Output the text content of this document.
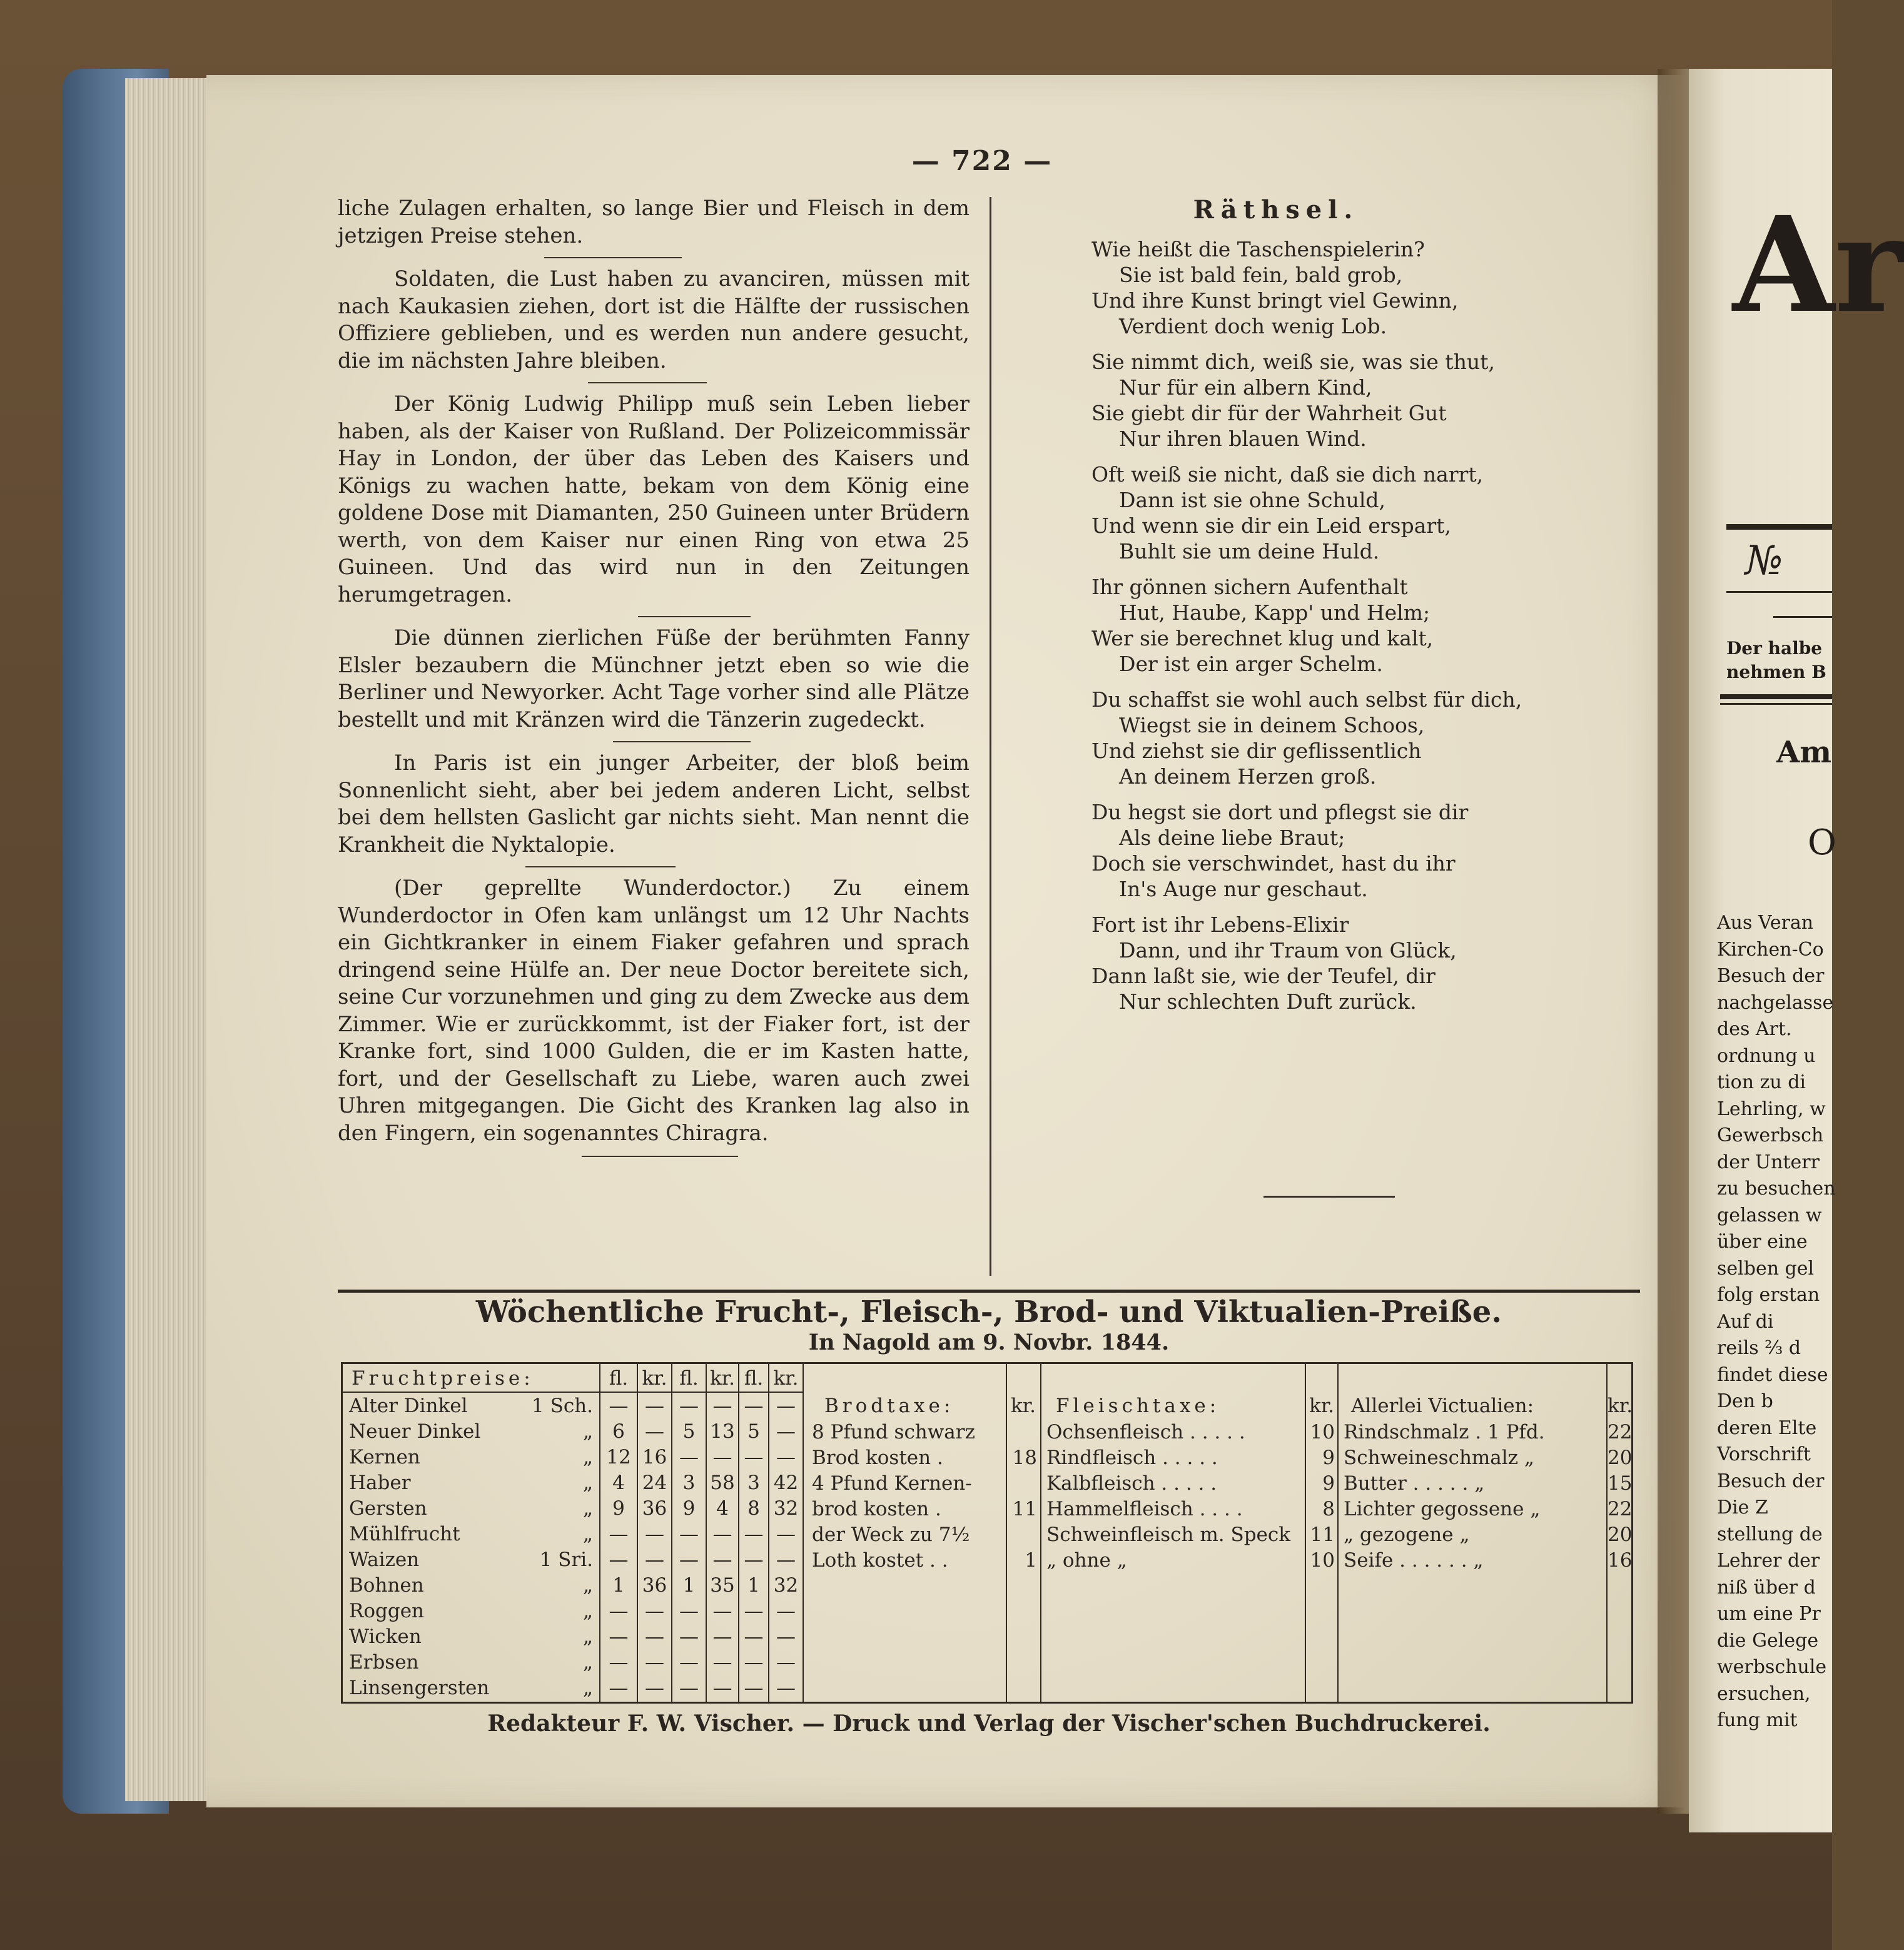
— 722 —
liche Zulagen erhalten, so lange Bier und Fleisch in dem jetzigen Preise stehen.
Soldaten, die Lust haben zu avanciren, müssen mit nach Kaukasien ziehen, dort ist die Hälfte der russischen Offiziere geblieben, und es werden nun andere gesucht, die im nächsten Jahre bleiben.
Der König Ludwig Philipp muß sein Leben lieber haben, als der Kaiser von Rußland. Der Polizeicommissär Hay in London, der über das Leben des Kaisers und Königs zu wachen hatte, bekam von dem König eine goldene Dose mit Diamanten, 250 Guineen unter Brüdern werth, von dem Kaiser nur einen Ring von etwa 25 Guineen. Und das wird nun in den Zeitungen herumgetragen.
Die dünnen zierlichen Füße der berühmten Fanny Elsler bezaubern die Münchner jetzt eben so wie die Berliner und Newyorker. Acht Tage vorher sind alle Plätze bestellt und mit Kränzen wird die Tänzerin zugedeckt.
In Paris ist ein junger Arbeiter, der bloß beim Sonnenlicht sieht, aber bei jedem anderen Licht, selbst bei dem hellsten Gaslicht gar nichts sieht. Man nennt die Krankheit die Nyktalopie.
(Der geprellte Wunderdoctor.) Zu einem Wunderdoctor in Ofen kam unlängst um 12 Uhr Nachts ein Gichtkranker in einem Fiaker gefahren und sprach dringend seine Hülfe an. Der neue Doctor bereitete sich, seine Cur vorzunehmen und ging zu dem Zwecke aus dem Zimmer. Wie er zurückkommt, ist der Fiaker fort, ist der Kranke fort, sind 1000 Gulden, die er im Kasten hatte, fort, und der Gesellschaft zu Liebe, waren auch zwei Uhren mitgegangen. Die Gicht des Kranken lag also in den Fingern, ein sogenanntes Chiragra.
Räthsel.
Wie heißt die Taschenspielerin?
Sie ist bald fein, bald grob,
Und ihre Kunst bringt viel Gewinn,
Verdient doch wenig Lob.
Sie nimmt dich, weiß sie, was sie thut,
Nur für ein albern Kind,
Sie giebt dir für der Wahrheit Gut
Nur ihren blauen Wind.
Oft weiß sie nicht, daß sie dich narrt,
Dann ist sie ohne Schuld,
Und wenn sie dir ein Leid erspart,
Buhlt sie um deine Huld.
Ihr gönnen sichern Aufenthalt
Hut, Haube, Kapp' und Helm;
Wer sie berechnet klug und kalt,
Der ist ein arger Schelm.
Du schaffst sie wohl auch selbst für dich,
Wiegst sie in deinem Schoos,
Und ziehst sie dir geflissentlich
An deinem Herzen groß.
Du hegst sie dort und pflegst sie dir
Als deine liebe Braut;
Doch sie verschwindet, hast du ihr
In's Auge nur geschaut.
Fort ist ihr Lebens-Elixir
Dann, und ihr Traum von Glück,
Dann laßt sie, wie der Teufel, dir
Nur schlechten Duft zurück.
Wöchentliche Frucht-, Fleisch-, Brod- und Viktualien-Preiße.
In Nagold am 9. Novbr. 1844.
Fruchtpreise:
Brodtaxe:	kr. Fleischtaxe:	kr. Allerlei Victualien:	kr.
fl. kr. fl. kr. fl. kr.
Alter Dinkel	1 Sch. — — — — — —
Neuer Dinkel	„	6	— 5 13 5 —
Kernen	„ 12 16 — — — —
Haber	„	4 24 3 58 3 42
Gersten	„	9 36 9	4 8 32
Mühlfrucht	„ — — — — — —
Waizen	1 Sri. — — — — — —
Bohnen	„	1 36 1 35 1 32
Roggen	„ — — — — — —
Wicken	„ — — — — — —
Erbsen	„ — — — — — —
Linsengersten	„ — — — — — —
8 Pfund schwarz
Brod kosten .	18
4 Pfund Kernen-
brod kosten .	11
der Weck zu 7½
Loth kostet . .	1
Ochsenfleisch . . . . .	10
Rindfleisch . . . . .	9
Kalbfleisch . . . . .	9
Hammelfleisch . . . .	8
Schweinfleisch m. Speck 11
„ ohne „	10
Rindschmalz . 1 Pfd.	22
Schweineschmalz „	20
Butter . . . . . „	15
Lichter gegossene „	22
„ gezogene „	20
Seife . . . . . . „	16
Redakteur F. W. Vischer. — Druck und Verlag der Vischer'schen Buchdruckerei.
Ar
№
Der halbe
nehmen B
Am
O
Aus Veran
Kirchen-Co
Besuch der
nachgelasse
des Art.
ordnung u
tion zu di
Lehrling, w
Gewerbsch
der Unterr
zu besuchen
gelassen w
über eine
selben gel
folg erstan
Auf di
reils ²⁄₃ d
findet diese
Den b
deren Elte
Vorschrift
Besuch der
Die Z
stellung de
Lehrer der
niß über d
um eine Pr
die Gelege
werbschule
ersuchen,
fung mit
